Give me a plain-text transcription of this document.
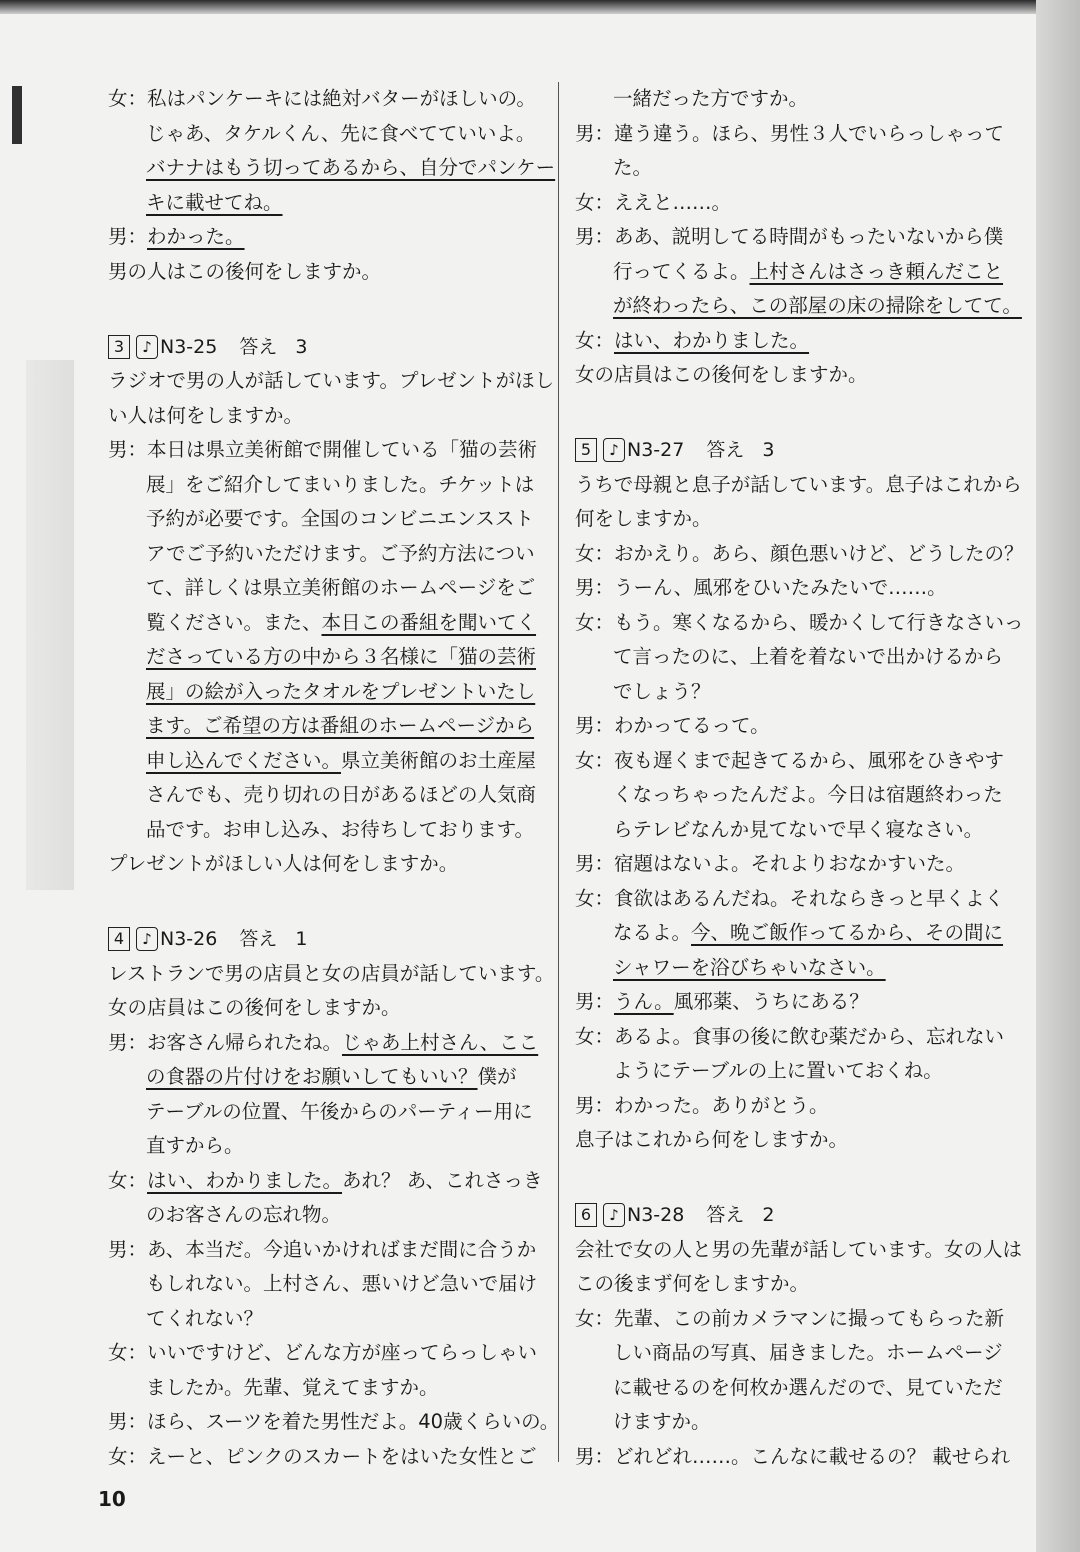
女：私はパンケーキには絶対バターがほしいの。
じゃあ、タケルくん、先に食べてていいよ。
バナナはもう切ってあるから、自分でパンケー
キに載せてね。
男：わかった。
男の人はこの後何をしますか。
3 ♪ N3-25 答え 3
ラジオで男の人が話しています。プレゼントがほし
い人は何をしますか。
男：本日は県立美術館で開催している「猫の芸術
展」をご紹介してまいりました。チケットは
予約が必要です。全国のコンビニエンススト
アでご予約いただけます。ご予約方法につい
て、詳しくは県立美術館のホームページをご
覧ください。また、本日この番組を聞いてく
ださっている方の中から３名様に「猫の芸術
展」の絵が入ったタオルをプレゼントいたし
ます。ご希望の方は番組のホームページから
申し込んでください。県立美術館のお土産屋
さんでも、売り切れの日があるほどの人気商
品です。お申し込み、お待ちしております。
プレゼントがほしい人は何をしますか。
4 ♪ N3-26 答え 1
レストランで男の店員と女の店員が話しています。
女の店員はこの後何をしますか。
男：お客さん帰られたね。じゃあ上村さん、ここ
の食器の片付けをお願いしてもいい？僕が
テーブルの位置、午後からのパーティー用に
直すから。
女：はい、わかりました。あれ？ あ、これさっき
のお客さんの忘れ物。
男：あ、本当だ。今追いかければまだ間に合うか
もしれない。上村さん、悪いけど急いで届け
てくれない？
女：いいですけど、どんな方が座ってらっしゃい
ましたか。先輩、覚えてますか。
男：ほら、スーツを着た男性だよ。40歳くらいの。
女：えーと、ピンクのスカートをはいた女性とご
一緒だった方ですか。
男：違う違う。ほら、男性３人でいらっしゃって
た。
女：ええと……。
男：ああ、説明してる時間がもったいないから僕
行ってくるよ。上村さんはさっき頼んだこと
が終わったら、この部屋の床の掃除をしてて。
女：はい、わかりました。
女の店員はこの後何をしますか。
5 ♪ N3-27 答え 3
うちで母親と息子が話しています。息子はこれから
何をしますか。
女：おかえり。あら、顔色悪いけど、どうしたの？
男：うーん、風邪をひいたみたいで……。
女：もう。寒くなるから、暖かくして行きなさいっ
て言ったのに、上着を着ないで出かけるから
でしょう？
男：わかってるって。
女：夜も遅くまで起きてるから、風邪をひきやす
くなっちゃったんだよ。今日は宿題終わった
らテレビなんか見てないで早く寝なさい。
男：宿題はないよ。それよりおなかすいた。
女：食欲はあるんだね。それならきっと早くよく
なるよ。今、晩ご飯作ってるから、その間に
シャワーを浴びちゃいなさい。
男：うん。風邪薬、うちにある？
女：あるよ。食事の後に飲む薬だから、忘れない
ようにテーブルの上に置いておくね。
男：わかった。ありがとう。
息子はこれから何をしますか。
6 ♪ N3-28 答え 2
会社で女の人と男の先輩が話しています。女の人は
この後まず何をしますか。
女：先輩、この前カメラマンに撮ってもらった新
しい商品の写真、届きました。ホームページ
に載せるのを何枚か選んだので、見ていただ
けますか。
男：どれどれ……。こんなに載せるの？ 載せられ
10
